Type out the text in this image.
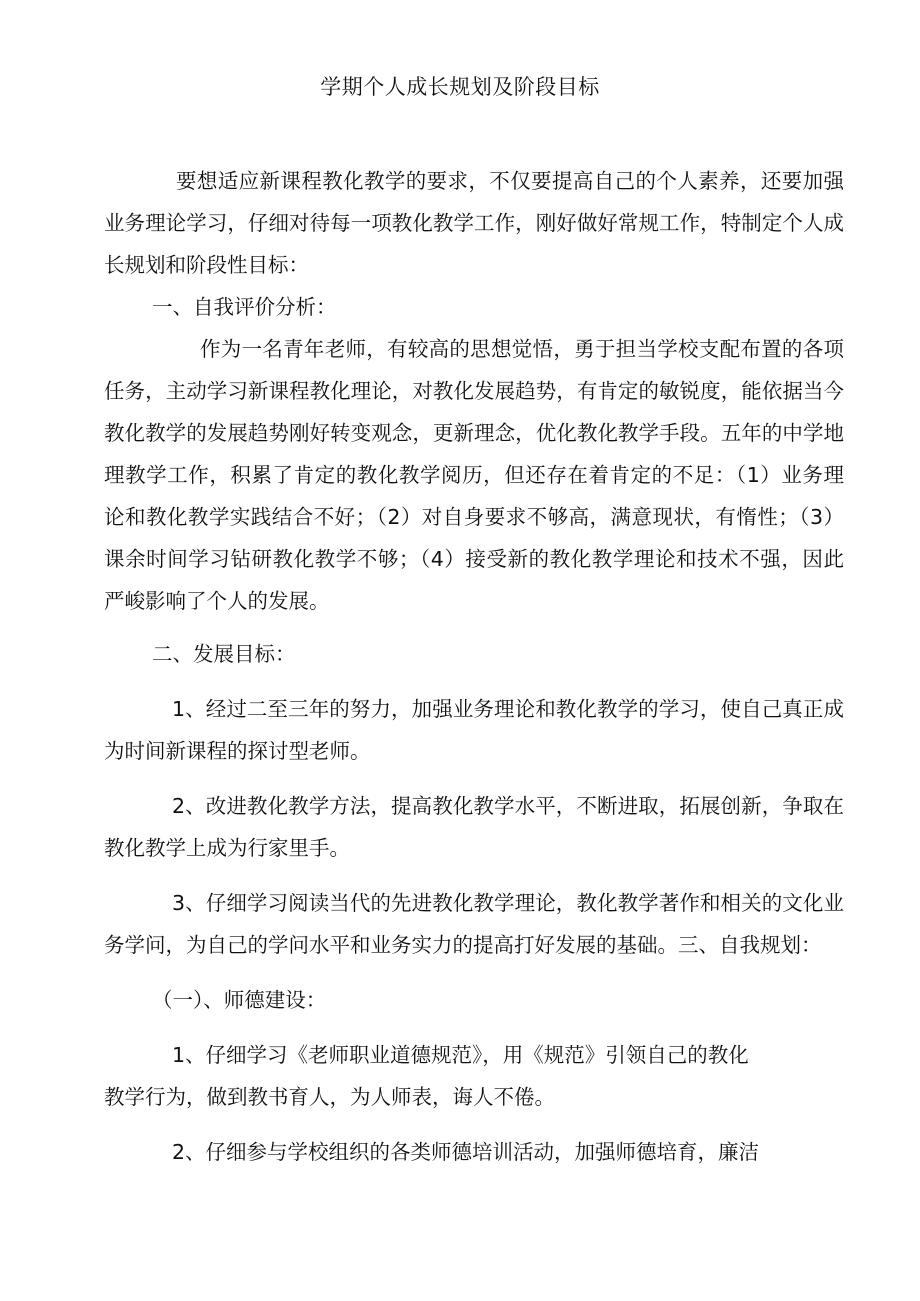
学期个人成长规划及阶段目标

要想适应新课程教化教学的要求，不仅要提高自己的个人素养，还要加强业务理论学习，仔细对待每一项教化教学工作，刚好做好常规工作，特制定个人成长规划和阶段性目标：

一、自我评价分析：

作为一名青年老师，有较高的思想觉悟，勇于担当学校支配布置的各项任务，主动学习新课程教化理论，对教化发展趋势，有肯定的敏锐度，能依据当今教化教学的发展趋势刚好转变观念，更新理念，优化教化教学手段。五年的中学地理教学工作，积累了肯定的教化教学阅历，但还存在着肯定的不足：（1）业务理论和教化教学实践结合不好；（2）对自身要求不够高，满意现状，有惰性；（3）课余时间学习钻研教化教学不够；（4）接受新的教化教学理论和技术不强，因此严峻影响了个人的发展。

二、发展目标：

1、经过二至三年的努力，加强业务理论和教化教学的学习，使自己真正成为时间新课程的探讨型老师。

2、改进教化教学方法，提高教化教学水平，不断进取，拓展创新，争取在教化教学上成为行家里手。

3、仔细学习阅读当代的先进教化教学理论，教化教学著作和相关的文化业务学问，为自己的学问水平和业务实力的提高打好发展的基础。三、自我规划：

（一）、师德建设：

1、仔细学习《老师职业道德规范》，用《规范》引领自己的教化

教学行为，做到教书育人，为人师表，诲人不倦。

2、仔细参与学校组织的各类师德培训活动，加强师德培育，廉洁
